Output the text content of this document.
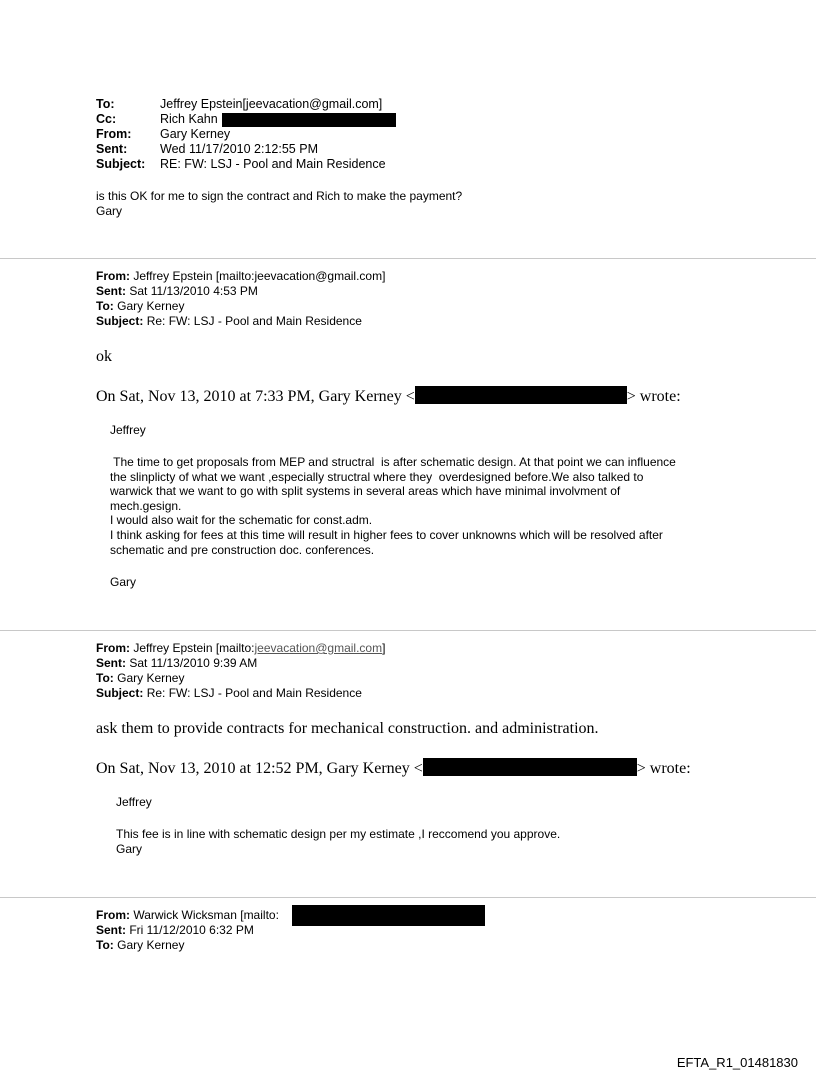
To:	Jeffrey Epstein[jeevacation@gmail.com]
Cc:	Rich Kahn
From: Gary Kerney
Sent:	Wed 11/17/2010 2:12:55 PM
Subject: RE: FW: LSJ - Pool and Main Residence
is this OK for me to sign the contract and Rich to make the payment?
Gary
From: Jeffrey Epstein [mailto:jeevacation@gmail.com]
Sent: Sat 11/13/2010 4:53 PM
To: Gary Kerney
Subject: Re: FW: LSJ - Pool and Main Residence
ok
On Sat, Nov 13, 2010 at 7:33 PM, Gary Kerney <	> wrote:
Jeffrey
The time to get proposals from MEP and structral  is after schematic design. At that point we can influence
the slinplicty of what we want ,especially structral where they  overdesigned before.We also talked to
warwick that we want to go with split systems in several areas which have minimal involvment of
mech.gesign.
I would also wait for the schematic for const.adm.
I think asking for fees at this time will result in higher fees to cover unknowns which will be resolved after
schematic and pre construction doc. conferences.
Gary
From: Jeffrey Epstein [mailto:jeevacation@gmail.com]
Sent: Sat 11/13/2010 9:39 AM
To: Gary Kerney
Subject: Re: FW: LSJ - Pool and Main Residence
ask them to provide contracts for mechanical construction. and administration.
On Sat, Nov 13, 2010 at 12:52 PM, Gary Kerney <	> wrote:
Jeffrey
This fee is in line with schematic design per my estimate ,I reccomend you approve.
Gary
From: Warwick Wicksman [mailto:
Sent: Fri 11/12/2010 6:32 PM
To: Gary Kerney
EFTA_R1_01481830
